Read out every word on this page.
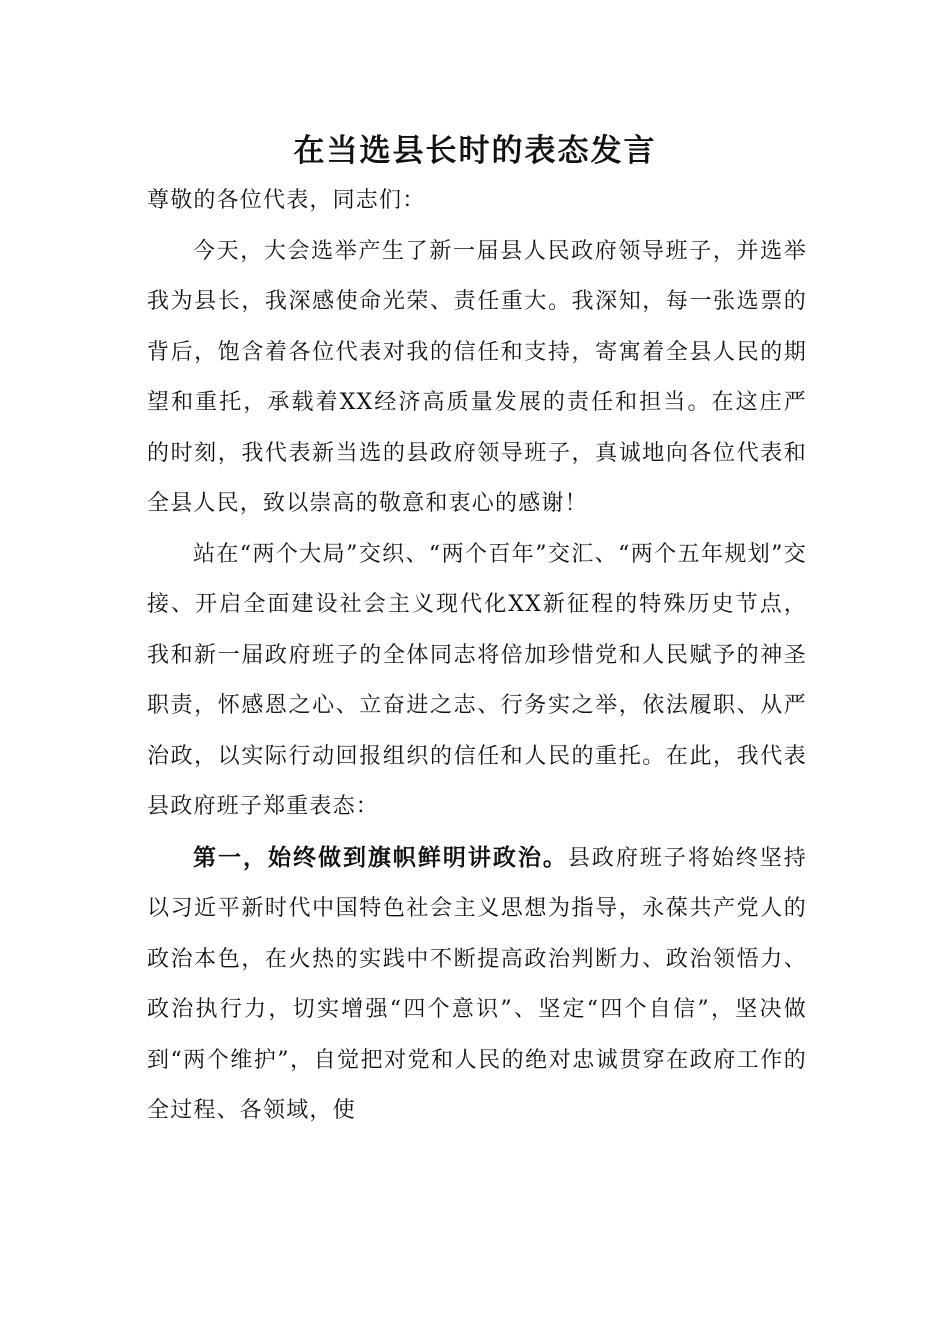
在当选县长时的表态发言

尊敬的各位代表，同志们：

今天，大会选举产生了新一届县人民政府领导班子，并选举我为县长，我深感使命光荣、责任重大。我深知，每一张选票的背后，饱含着各位代表对我的信任和支持，寄寓着全县人民的期望和重托，承载着XX经济高质量发展的责任和担当。在这庄严的时刻，我代表新当选的县政府领导班子，真诚地向各位代表和全县人民，致以崇高的敬意和衷心的感谢！

站在“两个大局”交织、“两个百年”交汇、“两个五年规划”交接、开启全面建设社会主义现代化XX新征程的特殊历史节点，我和新一届政府班子的全体同志将倍加珍惜党和人民赋予的神圣职责，怀感恩之心、立奋进之志、行务实之举，依法履职、从严治政，以实际行动回报组织的信任和人民的重托。在此，我代表县政府班子郑重表态：

第一，始终做到旗帜鲜明讲政治。县政府班子将始终坚持以习近平新时代中国特色社会主义思想为指导，永葆共产党人的政治本色，在火热的实践中不断提高政治判断力、政治领悟力、政治执行力，切实增强“四个意识”、坚定“四个自信”，坚决做到“两个维护”，自觉把对党和人民的绝对忠诚贯穿在政府工作的全过程、各领域，使
